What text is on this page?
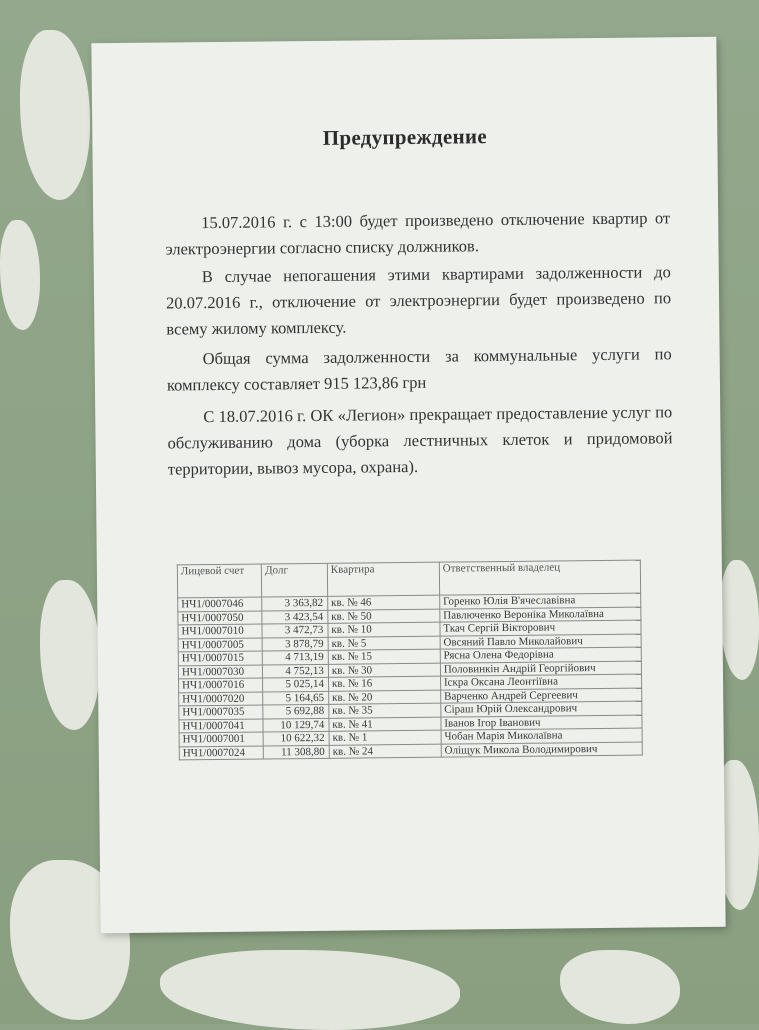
Предупреждение

15.07.2016 г. с 13:00 будет произведено отключение квартир от электроэнергии согласно списку должников.

В случае непогашения этими квартирами задолженности до 20.07.2016 г., отключение от электроэнергии будет произведено по всему жилому комплексу.

Общая сумма задолженности за коммунальные услуги по комплексу составляет 915 123,86 грн

С 18.07.2016 г. ОК «Легион» прекращает предоставление услуг по обслуживанию дома (уборка лестничных клеток и придомовой территории, вывоз мусора, охрана).

Лицевой счет	Долг	Квартира	Ответственный владелец
НЧ1/0007046	3 363,82	кв. № 46	Горенко Юлія В'ячеславівна
НЧ1/0007050	3 423,54	кв. № 50	Павлюченко Вероніка Миколаївна
НЧ1/0007010	3 472,73	кв. № 10	Ткач Сергій Вікторович
НЧ1/0007005	3 878,79	кв. № 5	Овсяний Павло Миколайович
НЧ1/0007015	4 713,19	кв. № 15	Рясна Олена Федорівна
НЧ1/0007030	4 752,13	кв. № 30	Половинкін Андрій Георгійович
НЧ1/0007016	5 025,14	кв. № 16	Іскра Оксана Леонтіївна
НЧ1/0007020	5 164,65	кв. № 20	Варченко Андрей Сергеевич
НЧ1/0007035	5 692,88	кв. № 35	Сіраш Юрій Олександрович
НЧ1/0007041	10 129,74	кв. № 41	Іванов Ігор Іванович
НЧ1/0007001	10 622,32	кв. № 1	Чобан Марія Миколаївна
НЧ1/0007024	11 308,80	кв. № 24	Оліщук Микола Володимирович
